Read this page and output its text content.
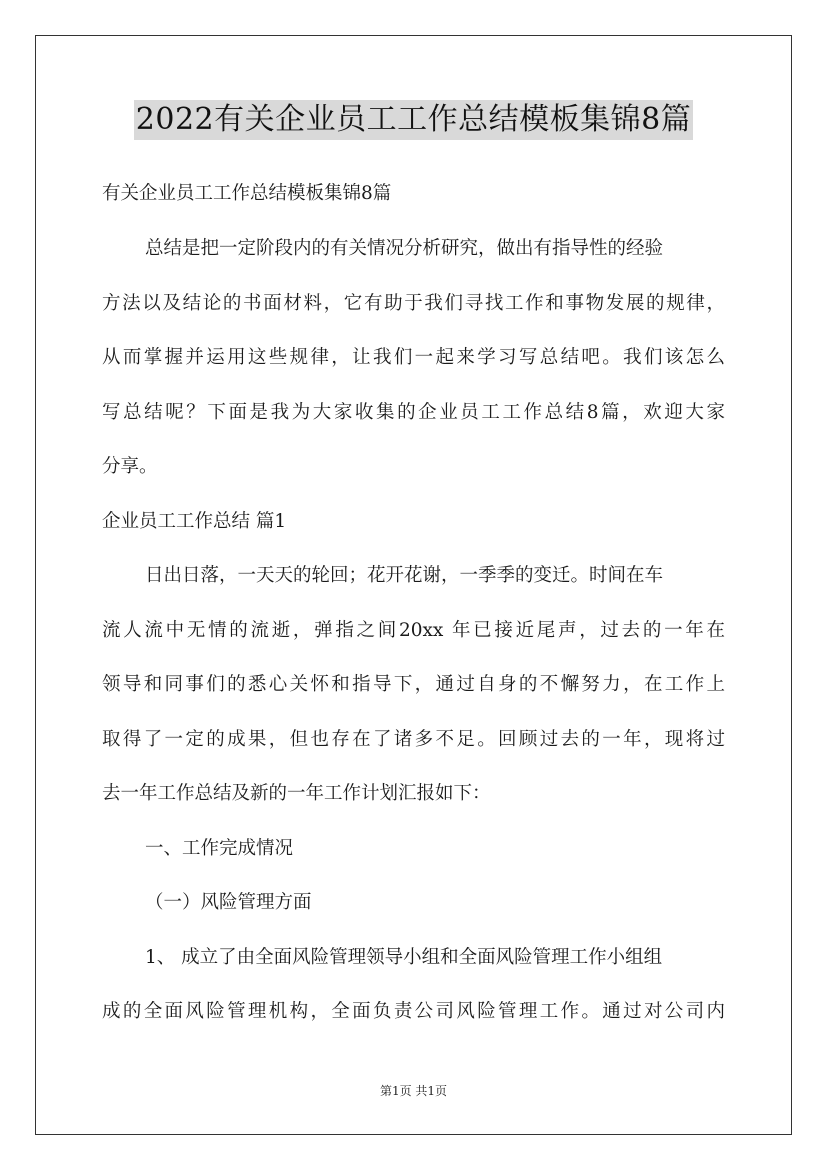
2022有关企业员工工作总结模板集锦8篇
有关企业员工工作总结模板集锦8篇
总结是把一定阶段内的有关情况分析研究，做出有指导性的经验
方法以及结论的书面材料，它有助于我们寻找工作和事物发展的规律，
从而掌握并运用这些规律，让我们一起来学习写总结吧。我们该怎么
写总结呢？下面是我为大家收集的企业员工工作总结8篇，欢迎大家
分享。
企业员工工作总结 篇1
日出日落，一天天的轮回；花开花谢，一季季的变迁。时间在车
流人流中无情的流逝，弹指之间20xx 年已接近尾声，过去的一年在
领导和同事们的悉心关怀和指导下，通过自身的不懈努力，在工作上
取得了一定的成果，但也存在了诸多不足。回顾过去的一年，现将过
去一年工作总结及新的一年工作计划汇报如下：
一、工作完成情况
（一）风险管理方面
1、 成立了由全面风险管理领导小组和全面风险管理工作小组组
成的全面风险管理机构，全面负责公司风险管理工作。通过对公司内
第1页 共1页
